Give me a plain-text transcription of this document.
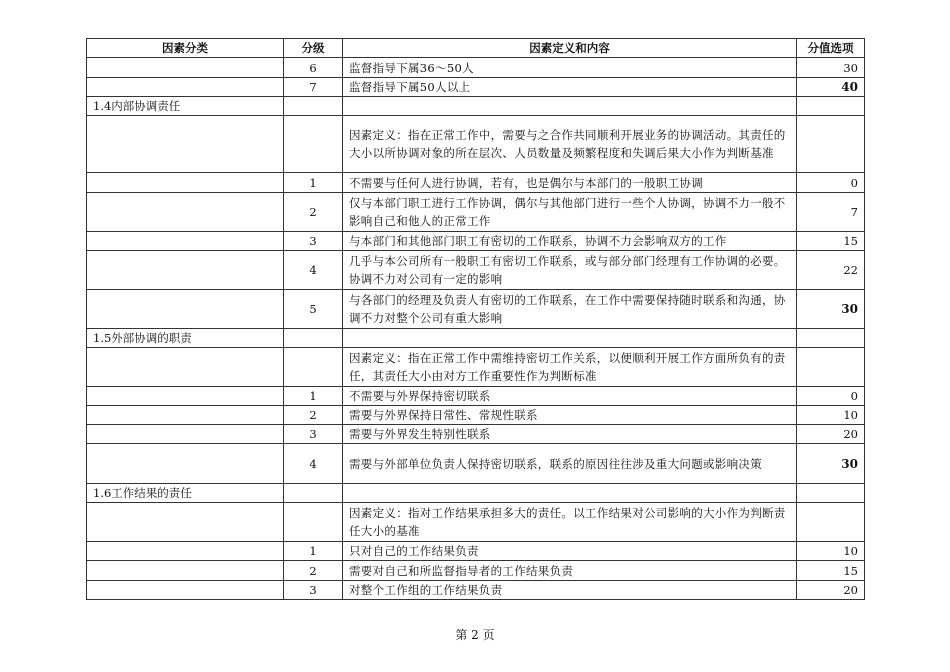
因素分类	分级	因素定义和内容	分值选项
	6	监督指导下属36～50人	30
	7	监督指导下属50人以上	40
1.4内部协调责任			
		因素定义：指在正常工作中，需要与之合作共同顺利开展业务的协调活动。其责任的大小以所协调对象的所在层次、人员数量及频繁程度和失调后果大小作为判断基准	
	1	不需要与任何人进行协调，若有，也是偶尔与本部门的一般职工协调	0
	2	仅与本部门职工进行工作协调，偶尔与其他部门进行一些个人协调，协调不力一般不影响自己和他人的正常工作	7
	3	与本部门和其他部门职工有密切的工作联系，协调不力会影响双方的工作	15
	4	几乎与本公司所有一般职工有密切工作联系，或与部分部门经理有工作协调的必要。协调不力对公司有一定的影响	22
	5	与各部门的经理及负责人有密切的工作联系，在工作中需要保持随时联系和沟通，协调不力对整个公司有重大影响	30
1.5外部协调的职责			
		因素定义：指在正常工作中需维持密切工作关系，以便顺利开展工作方面所负有的责任，其责任大小由对方工作重要性作为判断标准	
	1	不需要与外界保持密切联系	0
	2	需要与外界保持日常性、常规性联系	10
	3	需要与外界发生特别性联系	20
	4	需要与外部单位负责人保持密切联系，联系的原因往往涉及重大问题或影响决策	30
1.6工作结果的责任			
		因素定义：指对工作结果承担多大的责任。以工作结果对公司影响的大小作为判断责任大小的基准	
	1	只对自己的工作结果负责	10
	2	需要对自己和所监督指导者的工作结果负责	15
	3	对整个工作组的工作结果负责	20
第 2 页
